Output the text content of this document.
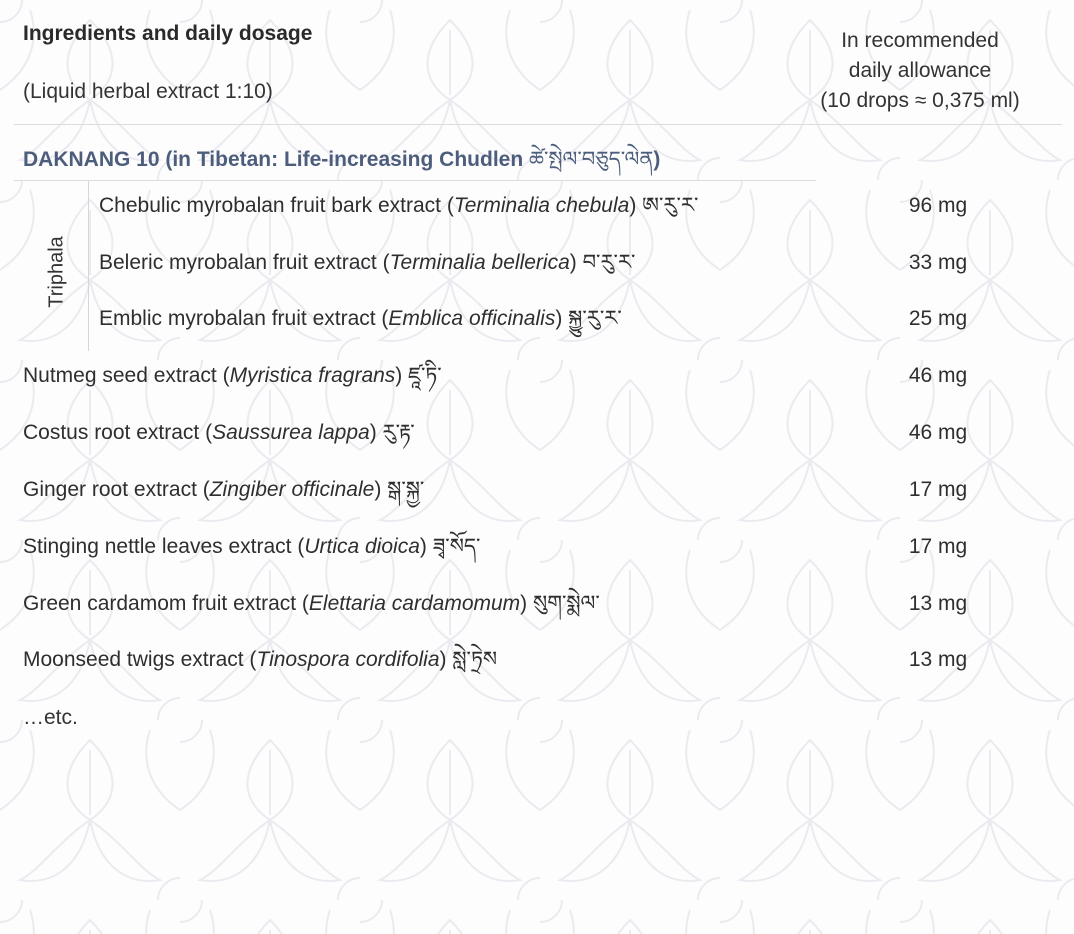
Ingredients and daily dosage
(Liquid herbal extract 1:10)
In recommended
daily allowance
(10 drops ≈ 0,375 ml)
DAKNANG 10 (in Tibetan: Life-increasing Chudlen ཚེ་སྤེལ་བཅུད་ལེན)
Triphala
Chebulic myrobalan fruit bark extract (Terminalia chebula) ཨ་རུ་ར་	96 mg
Beleric myrobalan fruit extract (Terminalia bellerica) བ་རུ་ར་	33 mg
Emblic myrobalan fruit extract (Emblica officinalis) སྐྱུ་རུ་ར་	25 mg
Nutmeg seed extract (Myristica fragrans) ཛཱ་ཏི་	46 mg
Costus root extract (Saussurea lappa) རུ་རྟ་	46 mg
Ginger root extract (Zingiber officinale) སྒ་སྐྱ་	17 mg
Stinging nettle leaves extract (Urtica dioica) ཟྭ་སོད་	17 mg
Green cardamom fruit extract (Elettaria cardamomum) སུག་སྨེལ་	13 mg
Moonseed twigs extract (Tinospora cordifolia) སླེ་ཏྲེས	13 mg
…etc.
